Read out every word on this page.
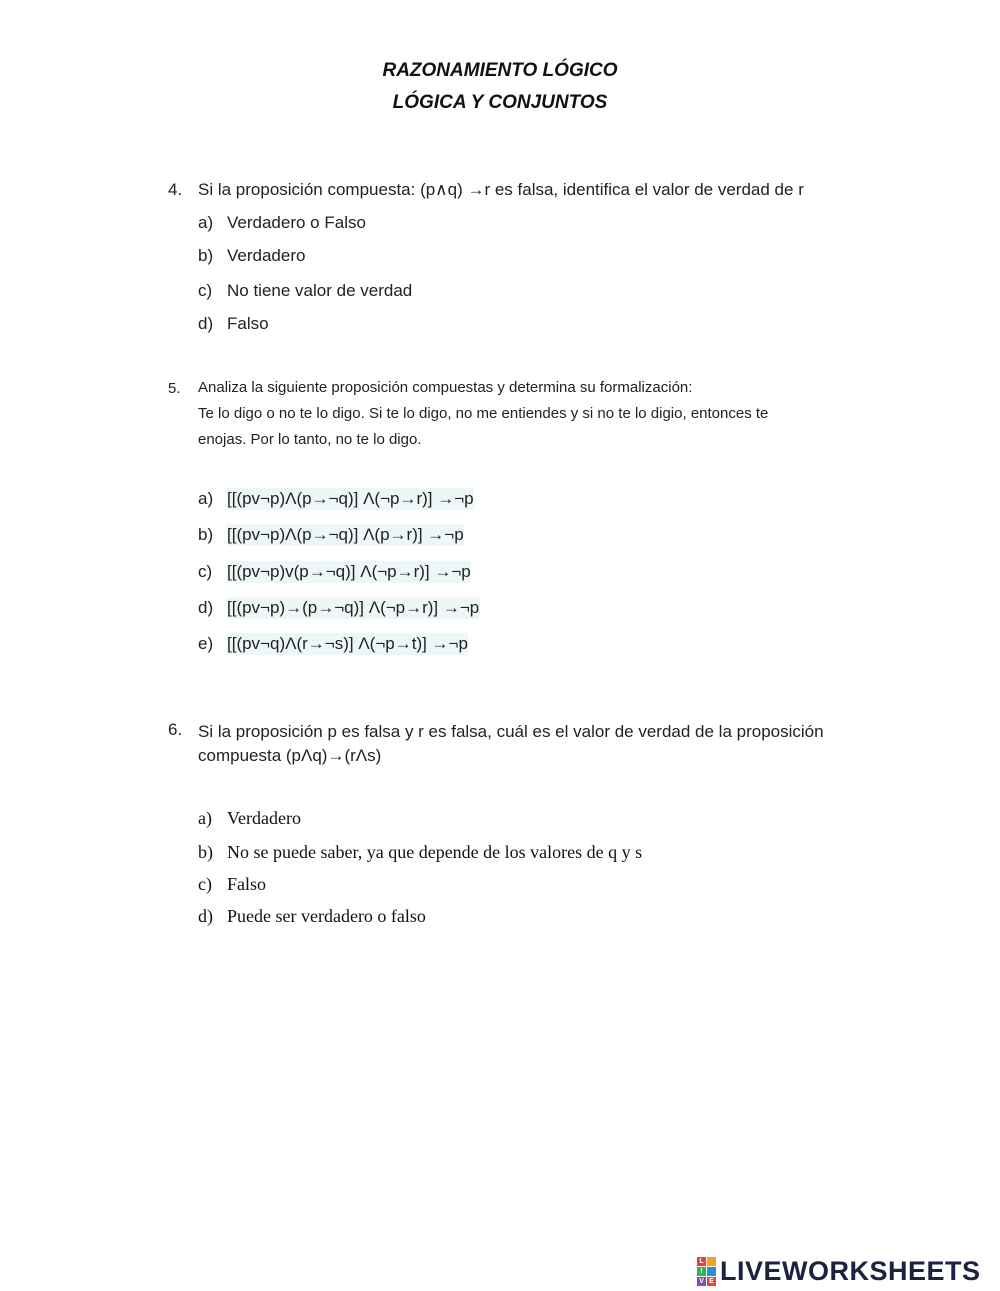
RAZONAMIENTO LÓGICO
LÓGICA Y CONJUNTOS
4. Si la proposición compuesta: (p∧q) →r es falsa, identifica el valor de verdad de r
a) Verdadero o Falso
b) Verdadero
c) No tiene valor de verdad
d) Falso
5. Analiza la siguiente proposición compuestas y determina su formalización:
Te lo digo o no te lo digo. Si te lo digo, no me entiendes y si no te lo digio, entonces te
enojas. Por lo tanto, no te lo digo.
a) [[(pv¬p)Λ(p→¬q)] Λ(¬p→r)] →¬p
b) [[(pv¬p)Λ(p→¬q)] Λ(p→r)] →¬p
c) [[(pv¬p)v(p→¬q)] Λ(¬p→r)] →¬p
d) [[(pv¬p)→(p→¬q)] Λ(¬p→r)] →¬p
e) [[(pv¬q)Λ(r→¬s)] Λ(¬p→t)] →¬p
6. Si la proposición p es falsa y r es falsa, cuál es el valor de verdad de la proposición
compuesta (pΛq)→(rΛs)
a) Verdadero
b) No se puede saber, ya que depende de los valores de q y s
c) Falso
d) Puede ser verdadero o falso
L
I
V E LIVEWORKSHEETS
